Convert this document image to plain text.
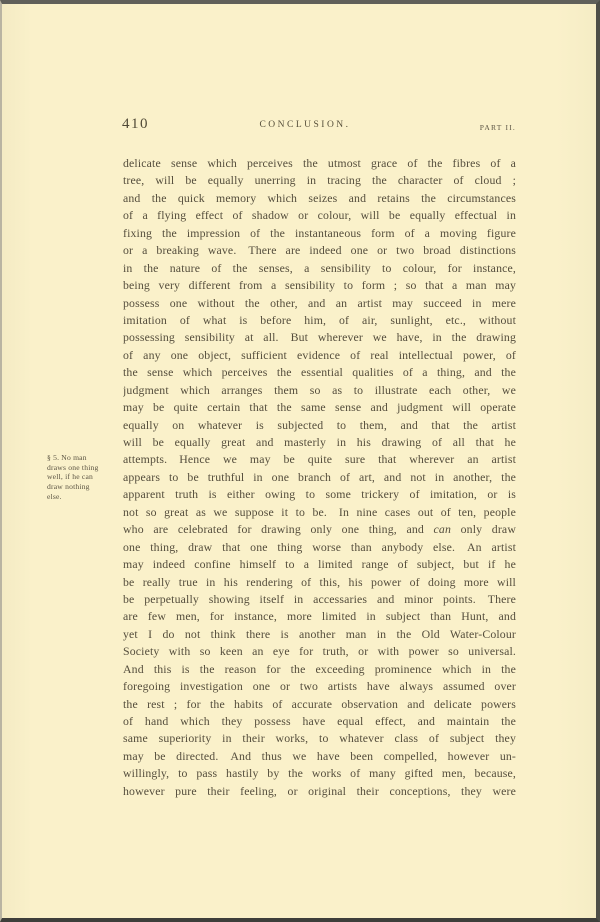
410	CONCLUSION.	PART II.
§ 5. No man
draws one thing
well, if he can
draw nothing
else.
delicate sense which perceives the utmost grace of the fibres of a
tree, will be equally unerring in tracing the character of cloud ;
and the quick memory which seizes and retains the circumstances
of a flying effect of shadow or colour, will be equally effectual in
fixing the impression of the instantaneous form of a moving figure
or a breaking wave. There are indeed one or two broad distinctions
in the nature of the senses, a sensibility to colour, for instance,
being very different from a sensibility to form ; so that a man may
possess one without the other, and an artist may succeed in mere
imitation of what is before him, of air, sunlight, etc., without
possessing sensibility at all. But wherever we have, in the drawing
of any one object, sufficient evidence of real intellectual power, of
the sense which perceives the essential qualities of a thing, and the
judgment which arranges them so as to illustrate each other, we
may be quite certain that the same sense and judgment will operate
equally on whatever is subjected to them, and that the artist
will be equally great and masterly in his drawing of all that he
attempts. Hence we may be quite sure that wherever an artist
appears to be truthful in one branch of art, and not in another, the
apparent truth is either owing to some trickery of imitation, or is
not so great as we suppose it to be. In nine cases out of ten, people
who are celebrated for drawing only one thing, and can only draw
one thing, draw that one thing worse than anybody else. An artist
may indeed confine himself to a limited range of subject, but if he
be really true in his rendering of this, his power of doing more will
be perpetually showing itself in accessaries and minor points. There
are few men, for instance, more limited in subject than Hunt, and
yet I do not think there is another man in the Old Water-Colour
Society with so keen an eye for truth, or with power so universal.
And this is the reason for the exceeding prominence which in the
foregoing investigation one or two artists have always assumed over
the rest ; for the habits of accurate observation and delicate powers
of hand which they possess have equal effect, and maintain the
same superiority in their works, to whatever class of subject they
may be directed. And thus we have been compelled, however un-
willingly, to pass hastily by the works of many gifted men, because,
however pure their feeling, or original their conceptions, they were
